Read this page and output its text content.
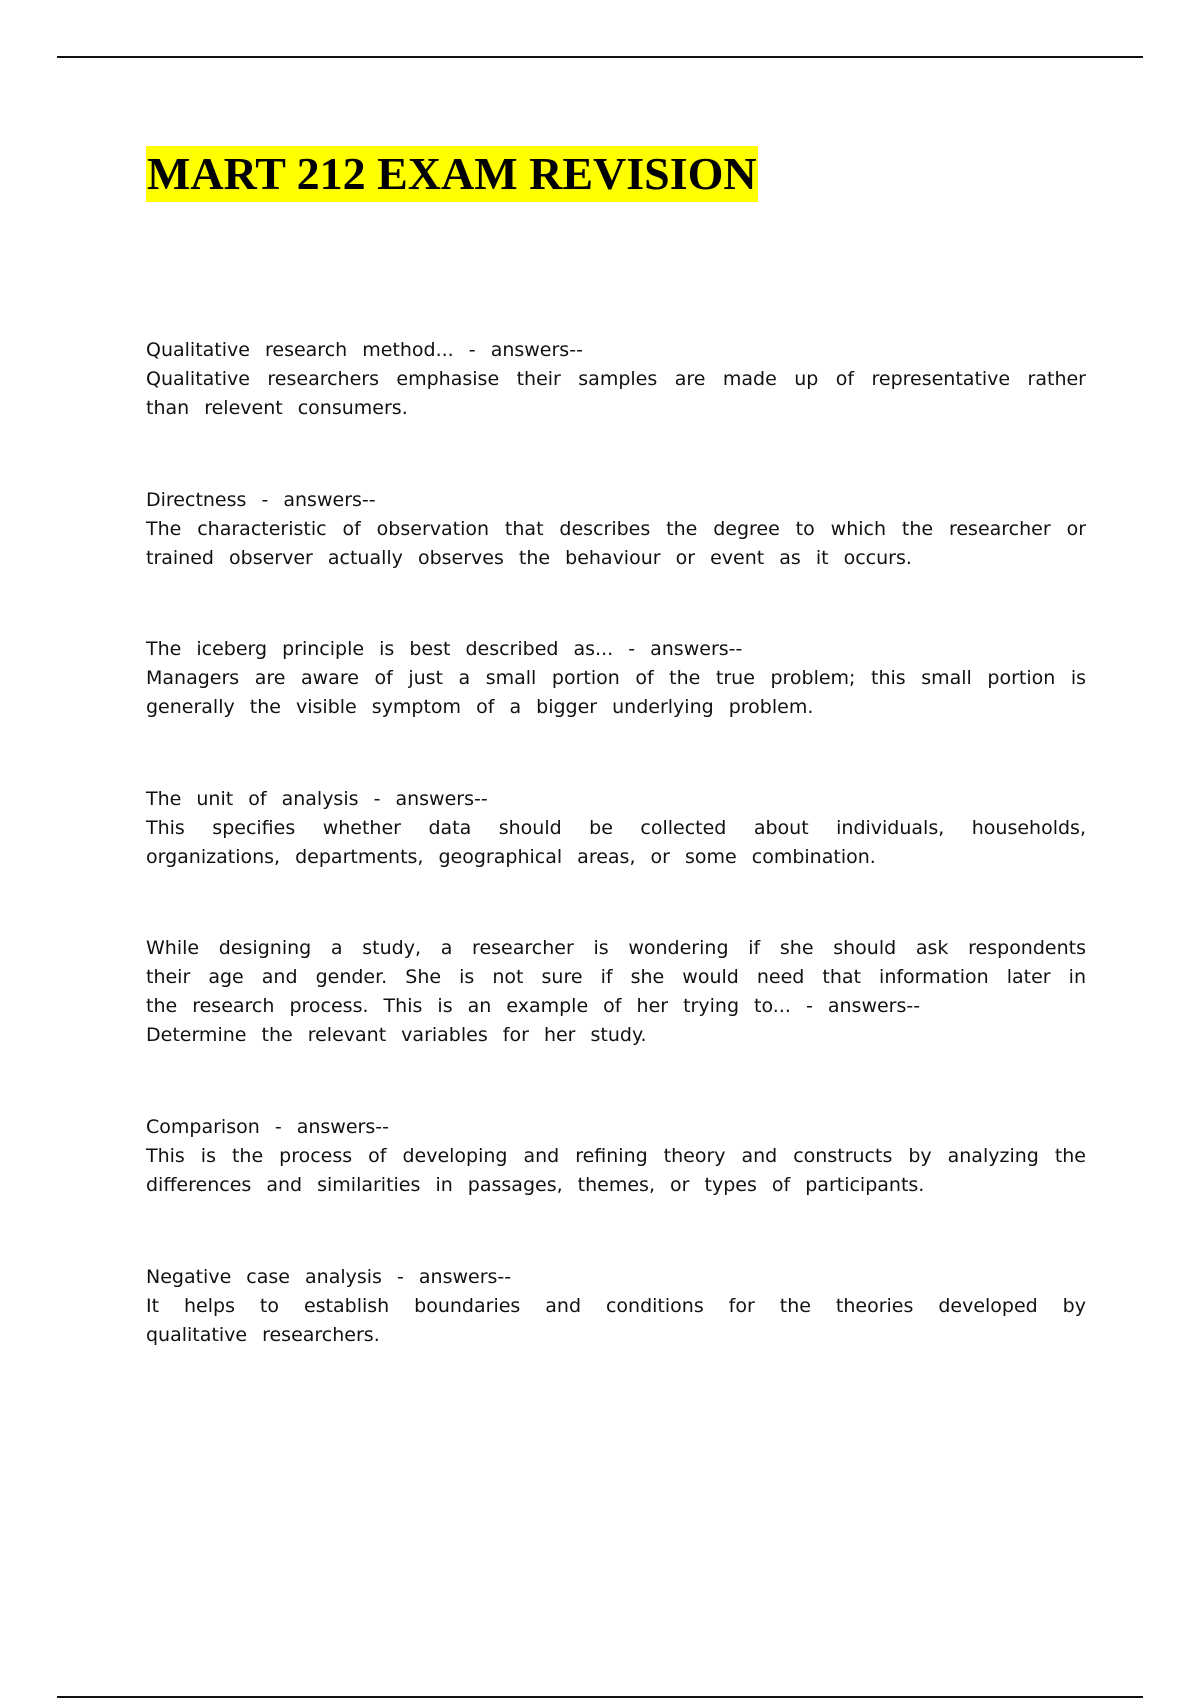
MART 212 EXAM REVISION

Qualitative research method... - answers--

Qualitative researchers emphasise their samples are made up of representative rather than relevent consumers.

Directness - answers--

The characteristic of observation that describes the degree to which the researcher or trained observer actually observes the behaviour or event as it occurs.

The iceberg principle is best described as... - answers--

Managers are aware of just a small portion of the true problem; this small portion is generally the visible symptom of a bigger underlying problem.

The unit of analysis - answers--

This specifies whether data should be collected about individuals, households, organizations, departments, geographical areas, or some combination.

While designing a study, a researcher is wondering if she should ask respondents their age and gender. She is not sure if she would need that information later in the research process. This is an example of her trying to... - answers--

Determine the relevant variables for her study.

Comparison - answers--

This is the process of developing and refining theory and constructs by analyzing the differences and similarities in passages, themes, or types of participants.

Negative case analysis - answers--

It helps to establish boundaries and conditions for the theories developed by qualitative researchers.
